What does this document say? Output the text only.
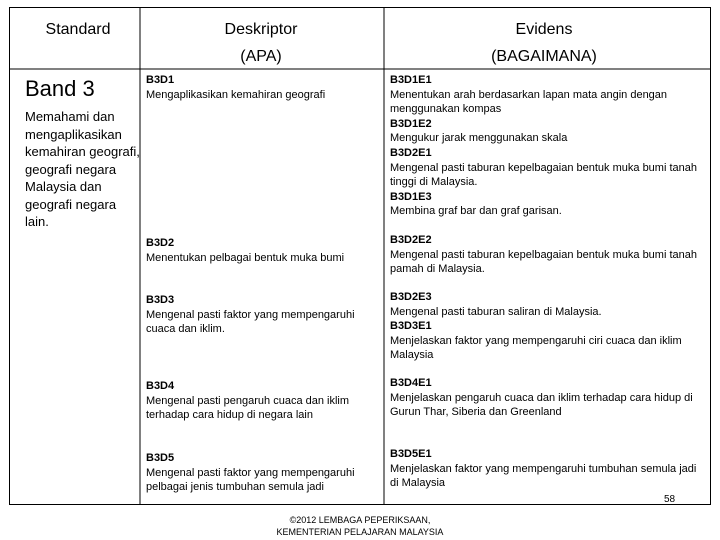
Standard	Deskriptor
(APA)
Evidens
(BAGAIMANA)
Band 3
Memahami dan mengaplikasikan kemahiran geografi, geografi negara Malaysia dan geografi negara lain.
B3D1
Mengaplikasikan kemahiran geografi
B3D1E1
Menentukan arah berdasarkan lapan mata angin dengan menggunakan kompas
B3D1E2
Mengukur jarak menggunakan skala
B3D2E1
Mengenal pasti taburan kepelbagaian bentuk muka bumi tanah tinggi di Malaysia.
B3D1E3
Membina graf bar dan graf garisan.
B3D2
Menentukan pelbagai bentuk muka bumi
B3D2E2
Mengenal pasti taburan kepelbagaian bentuk muka bumi tanah pamah di Malaysia.
B3D3
Mengenal pasti faktor yang mempengaruhi cuaca dan iklim.
B3D2E3
Mengenal pasti taburan saliran di Malaysia.
B3D3E1
Menjelaskan faktor yang mempengaruhi ciri cuaca dan iklim Malaysia
B3D4
Mengenal pasti pengaruh cuaca dan iklim terhadap cara hidup di negara lain
B3D4E1
Menjelaskan pengaruh cuaca dan iklim terhadap cara hidup di Gurun Thar, Siberia dan Greenland
B3D5
Mengenal pasti faktor yang mempengaruhi pelbagai jenis tumbuhan semula jadi
B3D5E1
Menjelaskan faktor yang mempengaruhi tumbuhan semula jadi di Malaysia
58
©2012 LEMBAGA PEPERIKSAAN,
KEMENTERIAN PELAJARAN MALAYSIA
